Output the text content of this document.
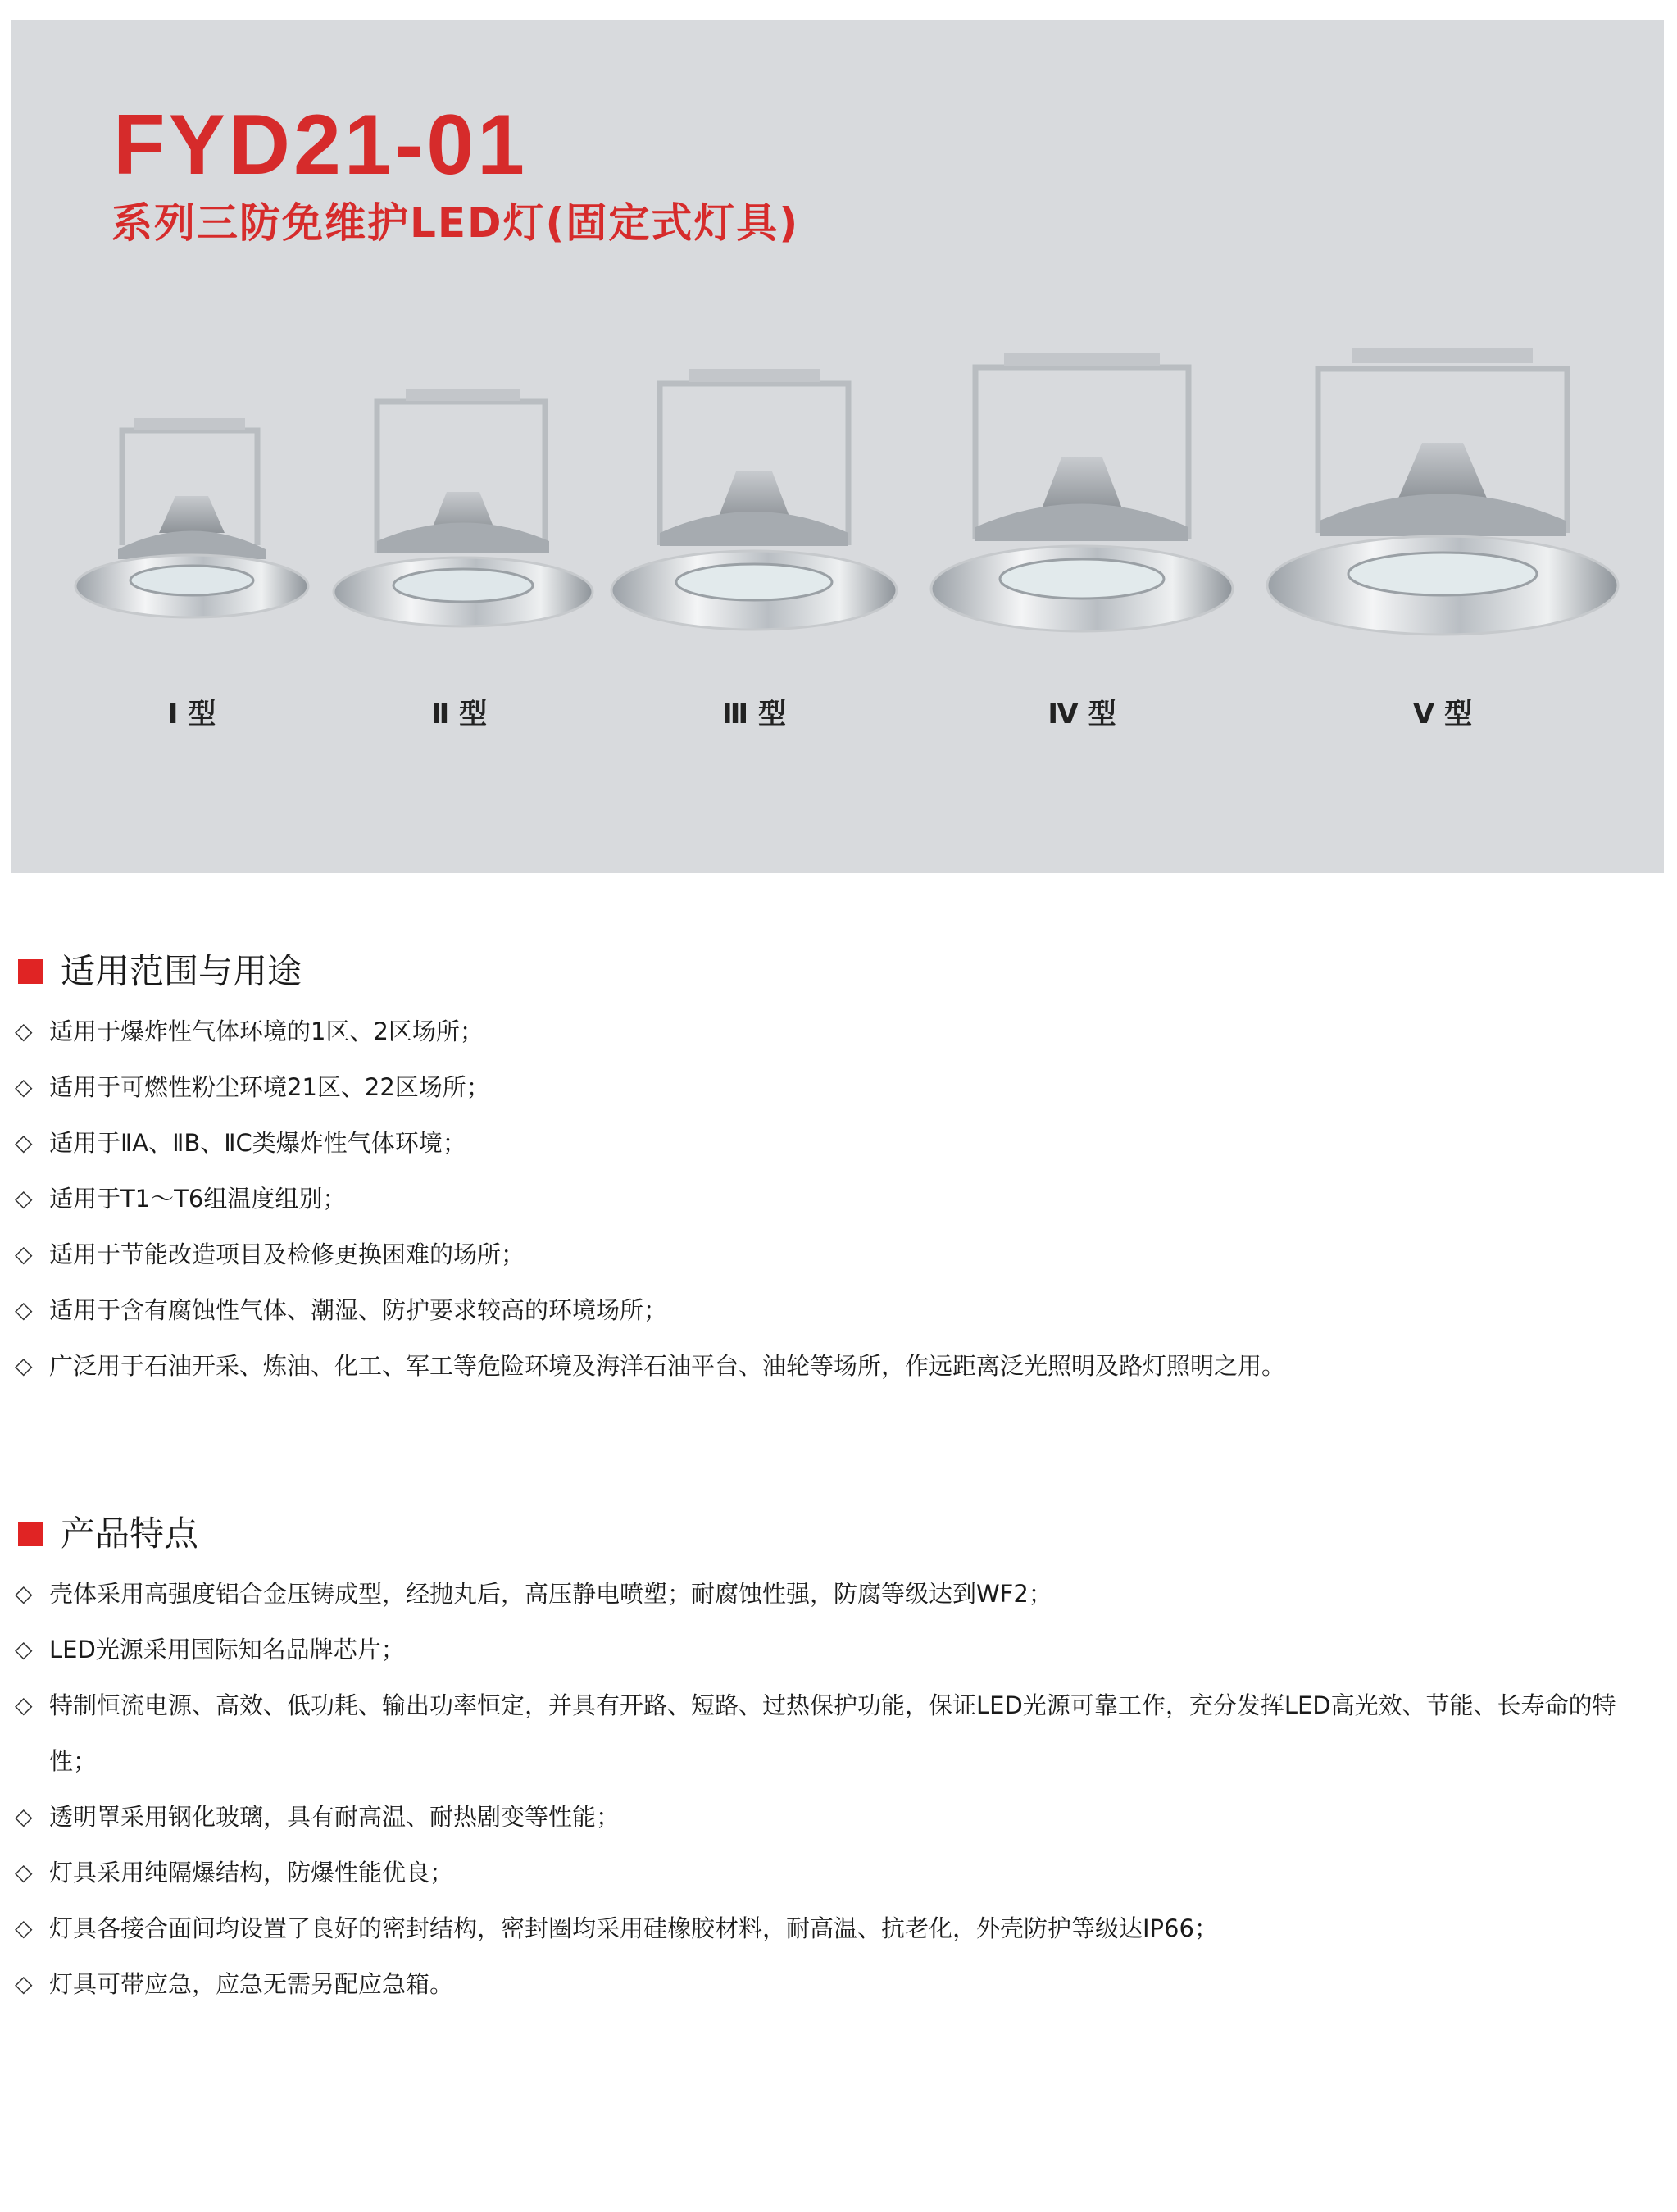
FYD21-01
系列三防免维护LED灯(固定式灯具)
Ⅰ 型	Ⅱ 型	Ⅲ 型	Ⅳ 型	Ⅴ 型
适用范围与用途
◇ 适用于爆炸性气体环境的1区、2区场所；
◇ 适用于可燃性粉尘环境21区、22区场所；
◇ 适用于ⅡA、ⅡB、ⅡC类爆炸性气体环境；
◇ 适用于T1～T6组温度组别；
◇ 适用于节能改造项目及检修更换困难的场所；
◇ 适用于含有腐蚀性气体、潮湿、防护要求较高的环境场所；
◇ 广泛用于石油开采、炼油、化工、军工等危险环境及海洋石油平台、油轮等场所，作远距离泛光照明及路灯照明之用。
产品特点
◇ 壳体采用高强度铝合金压铸成型，经抛丸后，高压静电喷塑；耐腐蚀性强，防腐等级达到WF2；
◇ LED光源采用国际知名品牌芯片；
◇ 特制恒流电源、高效、低功耗、输出功率恒定，并具有开路、短路、过热保护功能，保证LED光源可靠工作，充分发挥LED高光效、节能、长寿命的特性；
◇ 透明罩采用钢化玻璃，具有耐高温、耐热剧变等性能；
◇ 灯具采用纯隔爆结构，防爆性能优良；
◇ 灯具各接合面间均设置了良好的密封结构，密封圈均采用硅橡胶材料，耐高温、抗老化，外壳防护等级达IP66；
◇ 灯具可带应急，应急无需另配应急箱。
